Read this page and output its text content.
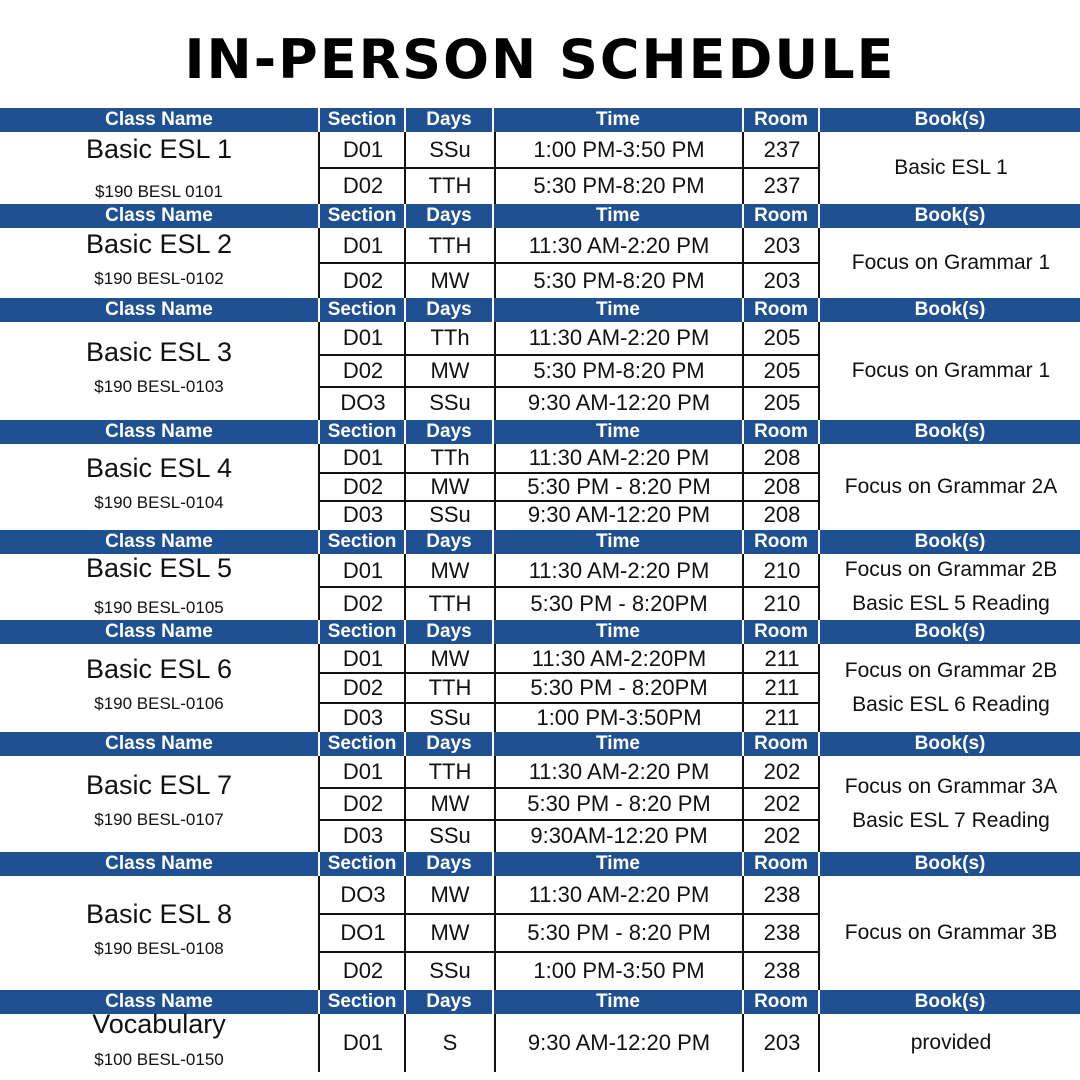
IN-PERSON SCHEDULE
Class Name	Section	Days	Time	Room	Book(s)
Basic ESL 1
$190 BESL 0101
D01	SSu	1:00 PM-3:50 PM	237
D02	TTH	5:30 PM-8:20 PM	237
Basic ESL 1
Class Name	Section	Days	Time	Room	Book(s)
Basic ESL 2
$190 BESL-0102
D01	TTH	11:30 AM-2:20 PM	203
D02	MW	5:30 PM-8:20 PM	203
Focus on Grammar 1
Class Name	Section	Days	Time	Room	Book(s)
Basic ESL 3
$190 BESL-0103
D01	TTh	11:30 AM-2:20 PM	205
D02	MW	5:30 PM-8:20 PM	205
DO3	SSu	9:30 AM-12:20 PM	205
Focus on Grammar 1
Class Name	Section	Days	Time	Room	Book(s)
Basic ESL 4
$190 BESL-0104
D01	TTh	11:30 AM-2:20 PM	208
D02	MW	5:30 PM - 8:20 PM	208
D03	SSu	9:30 AM-12:20 PM	208
Focus on Grammar 2A
Class Name	Section	Days	Time	Room	Book(s)
Basic ESL 5
$190 BESL-0105
D01	MW	11:30 AM-2:20 PM	210
D02	TTH	5:30 PM - 8:20PM	210
Focus on Grammar 2B
Basic ESL 5 Reading
Class Name	Section	Days	Time	Room	Book(s)
Basic ESL 6
$190 BESL-0106
D01	MW	11:30 AM-2:20PM	211
D02	TTH	5:30 PM - 8:20PM	211
D03	SSu	1:00 PM-3:50PM	211
Focus on Grammar 2B
Basic ESL 6 Reading
Class Name	Section	Days	Time	Room	Book(s)
Basic ESL 7
$190 BESL-0107
D01	TTH	11:30 AM-2:20 PM	202
D02	MW	5:30 PM - 8:20 PM	202
D03	SSu	9:30AM-12:20 PM	202
Focus on Grammar 3A
Basic ESL 7 Reading
Class Name	Section	Days	Time	Room	Book(s)
Basic ESL 8
$190 BESL-0108
DO3	MW	11:30 AM-2:20 PM	238
DO1	MW	5:30 PM - 8:20 PM	238
D02	SSu	1:00 PM-3:50 PM	238
Focus on Grammar 3B
Class Name	Section	Days	Time	Room	Book(s)
Vocabulary
$100 BESL-0150
D01	S	9:30 AM-12:20 PM	203	provided
